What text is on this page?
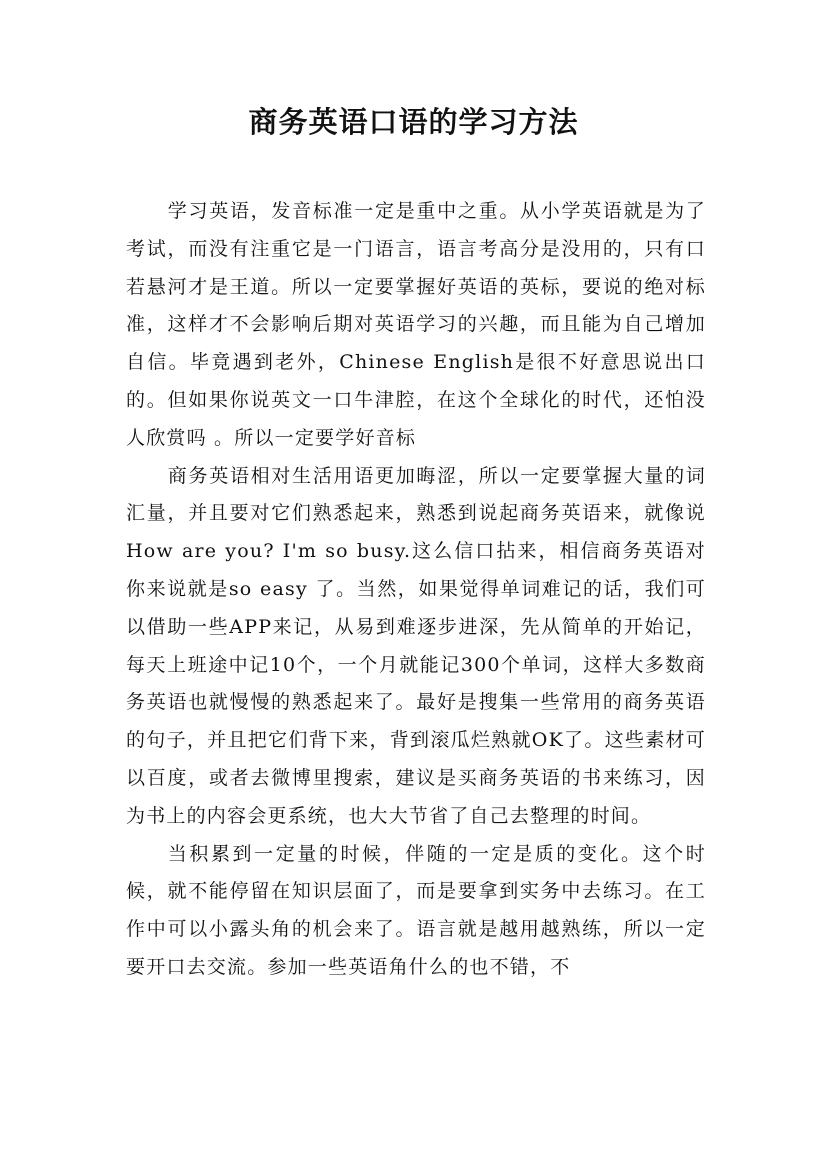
商务英语口语的学习方法

学习英语，发音标准一定是重中之重。从小学英语就是为了考试，而没有注重它是一门语言，语言考高分是没用的，只有口若悬河才是王道。所以一定要掌握好英语的英标，要说的绝对标准，这样才不会影响后期对英语学习的兴趣，而且能为自己增加自信。毕竟遇到老外，Chinese English是很不好意思说出口的。但如果你说英文一口牛津腔，在这个全球化的时代，还怕没人欣赏吗 。所以一定要学好音标

商务英语相对生活用语更加晦涩，所以一定要掌握大量的词汇量，并且要对它们熟悉起来，熟悉到说起商务英语来，就像说How are you? I'm so busy.这么信口拈来，相信商务英语对你来说就是so easy 了。当然，如果觉得单词难记的话，我们可以借助一些APP来记，从易到难逐步进深，先从简单的开始记，每天上班途中记10个，一个月就能记300个单词，这样大多数商务英语也就慢慢的熟悉起来了。最好是搜集一些常用的商务英语的句子，并且把它们背下来，背到滚瓜烂熟就OK了。这些素材可以百度，或者去微博里搜索，建议是买商务英语的书来练习，因为书上的内容会更系统，也大大节省了自己去整理的时间。

当积累到一定量的时候，伴随的一定是质的变化。这个时候，就不能停留在知识层面了，而是要拿到实务中去练习。在工作中可以小露头角的机会来了。语言就是越用越熟练，所以一定要开口去交流。参加一些英语角什么的也不错，不
